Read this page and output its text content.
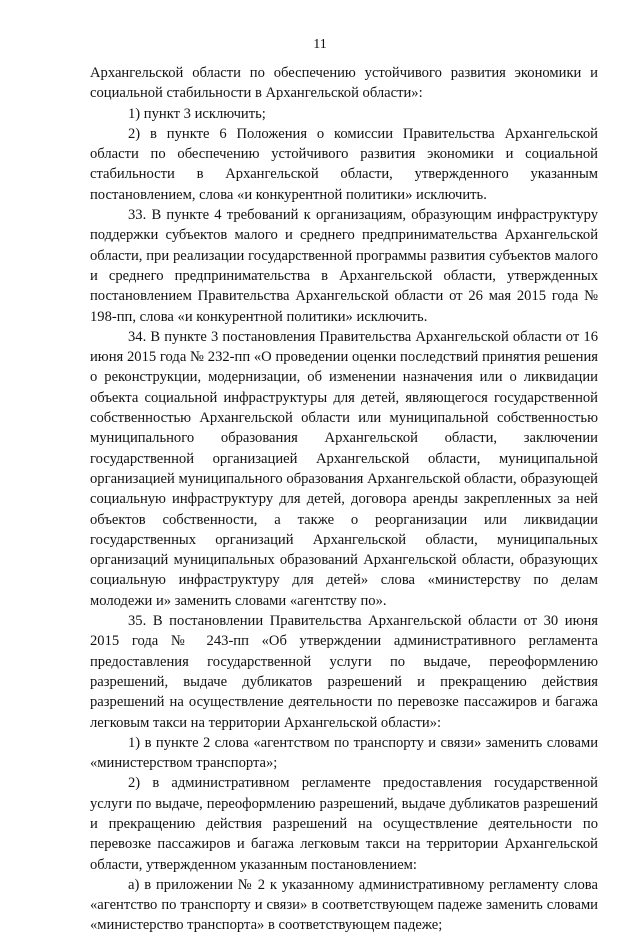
11

Архангельской области по обеспечению устойчивого развития экономики и социальной стабильности в Архангельской области»:

1) пункт 3 исключить;

2) в пункте 6 Положения о комиссии Правительства Архангельской области по обеспечению устойчивого развития экономики и социальной стабильности в Архангельской области, утвержденного указанным постановлением, слова «и конкурентной политики» исключить.

33. В пункте 4 требований к организациям, образующим инфраструктуру поддержки субъектов малого и среднего предпринимательства Архангельской области, при реализации государственной программы развития субъектов малого и среднего предпринимательства в Архангельской области, утвержденных постановлением Правительства Архангельской области от 26 мая 2015 года № 198-пп, слова «и конкурентной политики» исключить.

34. В пункте 3 постановления Правительства Архангельской области от 16 июня 2015 года № 232-пп «О проведении оценки последствий принятия решения о реконструкции, модернизации, об изменении назначения или о ликвидации объекта социальной инфраструктуры для детей, являющегося государственной собственностью Архангельской области или муниципальной собственностью муниципального образования Архангельской области, заключении государственной организацией Архангельской области, муниципальной организацией муниципального образования Архангельской области, образующей социальную инфраструктуру для детей, договора аренды закрепленных за ней объектов собственности, а также о реорганизации или ликвидации государственных организаций Архангельской области, муниципальных организаций муниципальных образований Архангельской области, образующих социальную инфраструктуру для детей» слова «министерству по делам молодежи и» заменить словами «агентству по».

35. В постановлении Правительства Архангельской области от 30 июня 2015 года № 243-пп «Об утверждении административного регламента предоставления государственной услуги по выдаче, переоформлению разрешений, выдаче дубликатов разрешений и прекращению действия разрешений на осуществление деятельности по перевозке пассажиров и багажа легковым такси на территории Архангельской области»:

1) в пункте 2 слова «агентством по транспорту и связи» заменить словами «министерством транспорта»;

2) в административном регламенте предоставления государственной услуги по выдаче, переоформлению разрешений, выдаче дубликатов разрешений и прекращению действия разрешений на осуществление деятельности по перевозке пассажиров и багажа легковым такси на территории Архангельской области, утвержденном указанным постановлением:

а) в приложении № 2 к указанному административному регламенту слова «агентство по транспорту и связи» в соответствующем падеже заменить словами «министерство транспорта» в соответствующем падеже;
